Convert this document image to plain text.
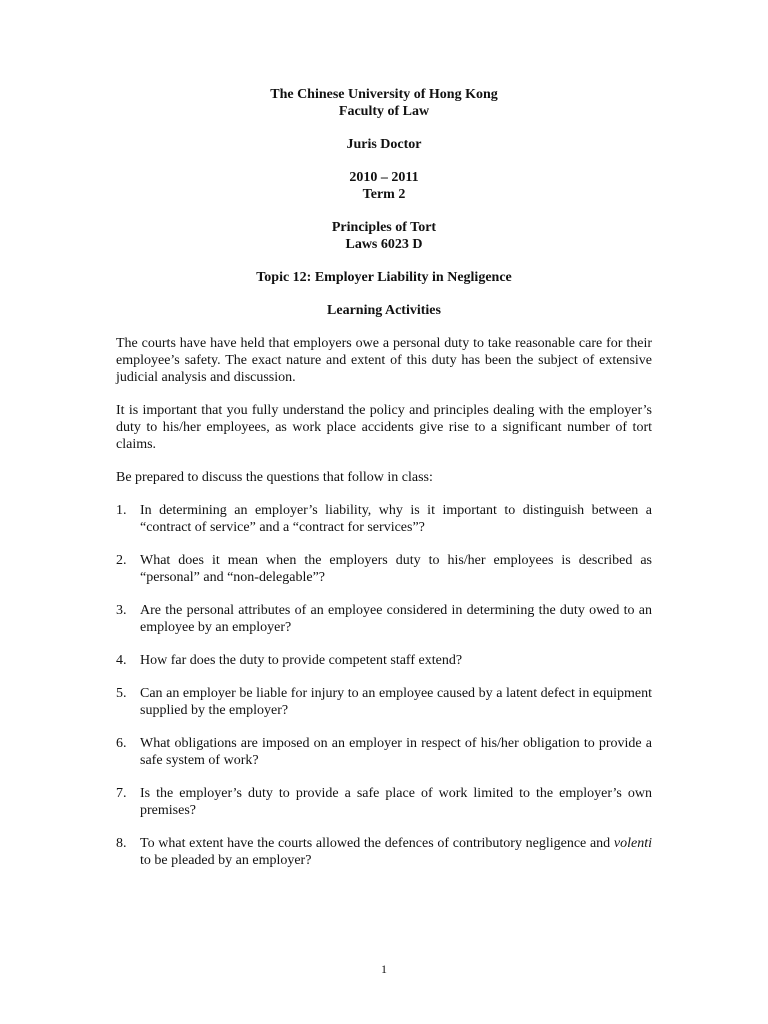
The Chinese University of Hong Kong
Faculty of Law
Juris Doctor
2010 – 2011
Term 2
Principles of Tort
Laws 6023 D
Topic 12: Employer Liability in Negligence
Learning Activities

The courts have have held that employers owe a personal duty to take reasonable care for their employee’s safety. The exact nature and extent of this duty has been the subject of extensive judicial analysis and discussion.

It is important that you fully understand the policy and principles dealing with the employer’s duty to his/her employees, as work place accidents give rise to a significant number of tort claims.

Be prepared to discuss the questions that follow in class:

1. In determining an employer’s liability, why is it important to distinguish between a “contract of service” and a “contract for services”?
2. What does it mean when the employers duty to his/her employees is described as “personal” and “non-delegable”?
3. Are the personal attributes of an employee considered in determining the duty owed to an employee by an employer?
4. How far does the duty to provide competent staff extend?
5. Can an employer be liable for injury to an employee caused by a latent defect in equipment supplied by the employer?
6. What obligations are imposed on an employer in respect of his/her obligation to provide a safe system of work?
7. Is the employer’s duty to provide a safe place of work limited to the employer’s own premises?
8. To what extent have the courts allowed the defences of contributory negligence and volenti to be pleaded by an employer?
1
